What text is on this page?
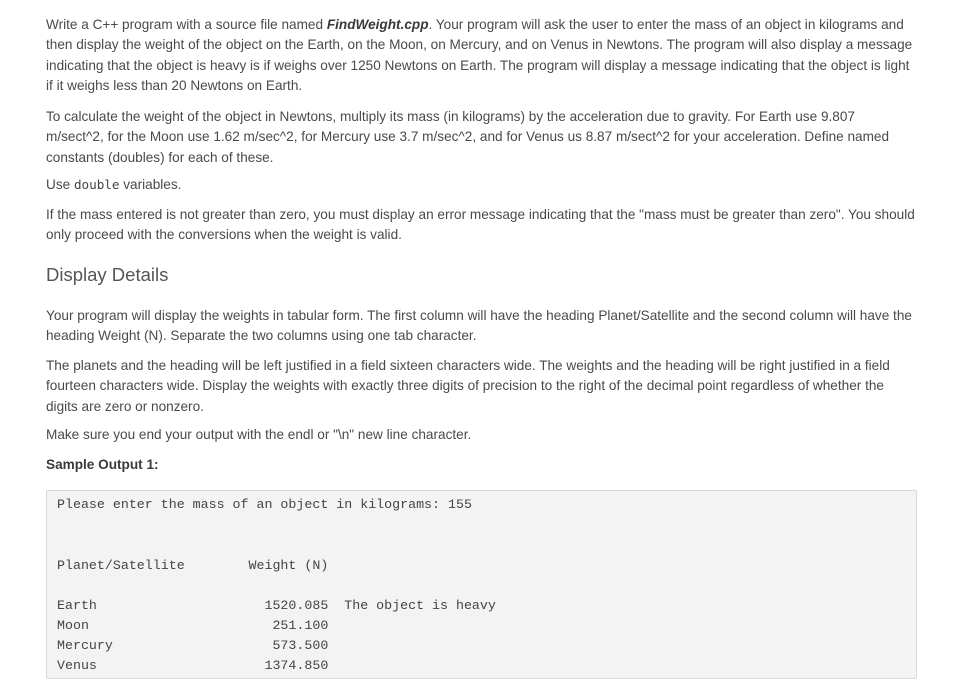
Write a C++ program with a source file named FindWeight.cpp. Your program will ask the user to enter the mass of an object in kilograms and then display the weight of the object on the Earth, on the Moon, on Mercury, and on Venus in Newtons. The program will also display a message indicating that the object is heavy is if weighs over 1250 Newtons on Earth. The program will display a message indicating that the object is light if it weighs less than 20 Newtons on Earth.

To calculate the weight of the object in Newtons, multiply its mass (in kilograms) by the acceleration due to gravity. For Earth use 9.807 m/sect^2, for the Moon use 1.62 m/sec^2, for Mercury use 3.7 m/sec^2, and for Venus us 8.87 m/sect^2 for your acceleration. Define named constants (doubles) for each of these.

Use double variables.

If the mass entered is not greater than zero, you must display an error message indicating that the "mass must be greater than zero". You should only proceed with the conversions when the weight is valid.

Display Details

Your program will display the weights in tabular form. The first column will have the heading Planet/Satellite and the second column will have the heading Weight (N). Separate the two columns using one tab character.

The planets and the heading will be left justified in a field sixteen characters wide. The weights and the heading will be right justified in a field fourteen characters wide. Display the weights with exactly three digits of precision to the right of the decimal point regardless of whether the digits are zero or nonzero.

Make sure you end your output with the endl or "\n" new line character.

Sample Output 1:

Please enter the mass of an object in kilograms: 155
Planet/Satellite        Weight (N)
Earth                     1520.085  The object is heavy
Moon                       251.100
Mercury                    573.500
Venus                     1374.850
